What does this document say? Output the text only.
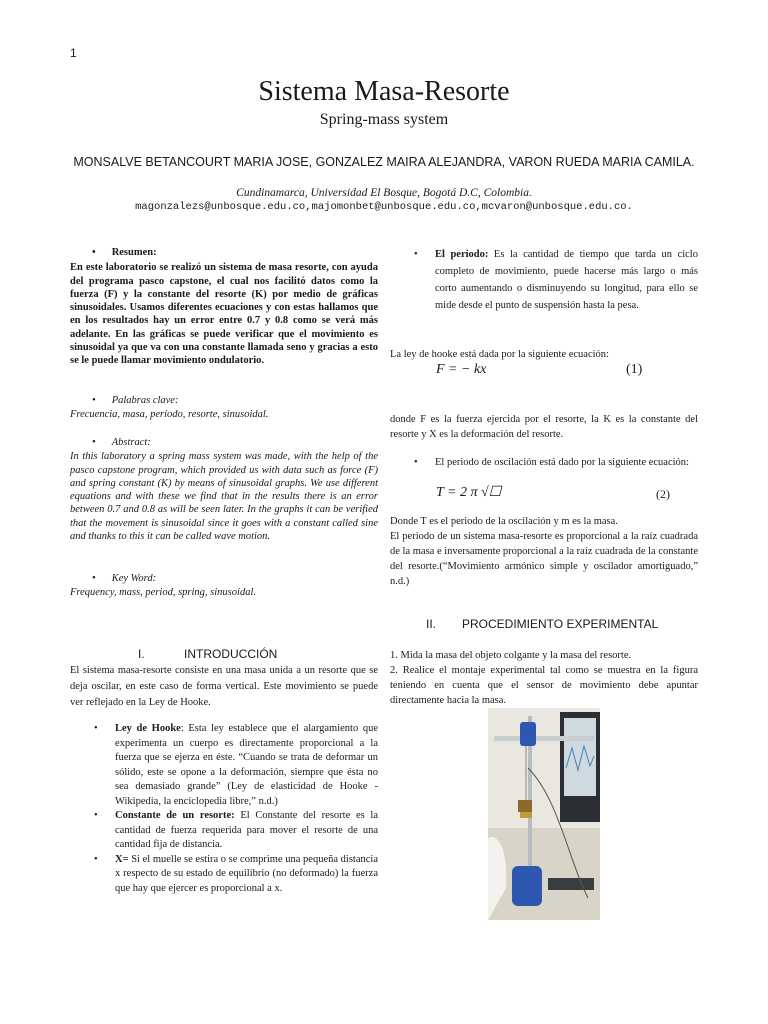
1
Sistema Masa-Resorte
Spring-mass system
MONSALVE BETANCOURT MARIA JOSE, GONZALEZ MAIRA ALEJANDRA, VARON RUEDA MARIA CAMILA.
Cundinamarca, Universidad El Bosque, Bogotá D.C, Colombia.
magonzalezs@unbosque.edu.co,majomonbet@unbosque.edu.co,mcvaron@unbosque.edu.co.
• Resumen:
En este laboratorio se realizó un sistema de masa resorte, con ayuda del programa pasco capstone, el cual nos facilitó datos como la fuerza (F) y la constante del resorte (K) por medio de gráficas sinusoidales. Usamos diferentes ecuaciones y con estas hallamos que en los resultados hay un error entre 0.7 y 0.8 como se verá más adelante. En las gráficas se puede verificar que el movimiento es sinusoidal ya que va con una constante llamada seno y gracias a esto se le puede llamar movimiento ondulatorio.
• Palabras clave:
Frecuencia, masa, periodo, resorte, sinusoidal.
• Abstract:
In this laboratory a spring mass system was made, with the help of the pasco capstone program, which provided us with data such as force (F) and spring constant (K) by means of sinusoidal graphs. We use different equations and with these we find that in the results there is an error between 0.7 and 0.8 as will be seen later. In the graphs it can be verified that the movement is sinusoidal since it goes with a constant called sine and thanks to this it can be called wave motion.
• Key Word:
Frequency, mass, period, spring, sinusoidal.
I.	INTRODUCCIÓN
El sistema masa-resorte consiste en una masa unida a un resorte que se deja oscilar, en este caso de forma vertical. Este movimiento se puede ver reflejado en la Ley de Hooke.
• Ley de Hooke: Esta ley establece que el alargamiento que experimenta un cuerpo es directamente proporcional a la fuerza que se ejerza en éste. “Cuando se trata de deformar un sólido, este se opone a la deformación, siempre que ésta no sea demasiado grande” (Ley de elasticidad de Hooke - Wikipedia, la enciclopedia libre,” n.d.)
• Constante de un resorte: El Constante del resorte es la cantidad de fuerza requerida para mover el resorte de una cantidad fija de distancia.
• X= Si el muelle se estira o se comprime una pequeña distancia x respecto de su estado de equilibrio (no deformado) la fuerza que hay que ejercer es proporcional a x.
• El periodo: Es la cantidad de tiempo que tarda un ciclo completo de movimiento, puede hacerse más largo o más corto aumentando o disminuyendo su longitud, para ello se mide desde el punto de suspensión hasta la pesa.
La ley de hooke está dada por la siguiente ecuación:
F = − kx	(1)
donde F es la fuerza ejercida por el resorte, la K es la constante del resorte y X es la deformación del resorte.
• El periodo de oscilación está dado por la siguiente ecuación:
T = 2 π √☐	(2)
Donde T es el periodo de la oscilación y m es la masa.
El periodo de un sistema masa-resorte es proporcional a la raíz cuadrada de la masa e inversamente proporcional a la raíz cuadrada de la constante del resorte.(“Movimiento armónico simple y oscilador amortiguado,” n.d.)
II. PROCEDIMIENTO EXPERIMENTAL
1. Mida la masa del objeto colgante y la masa del resorte.
2. Realice el montaje experimental tal como se muestra en la figura teniendo en cuenta que el sensor de movimiento debe apuntar directamente hacia la masa.
